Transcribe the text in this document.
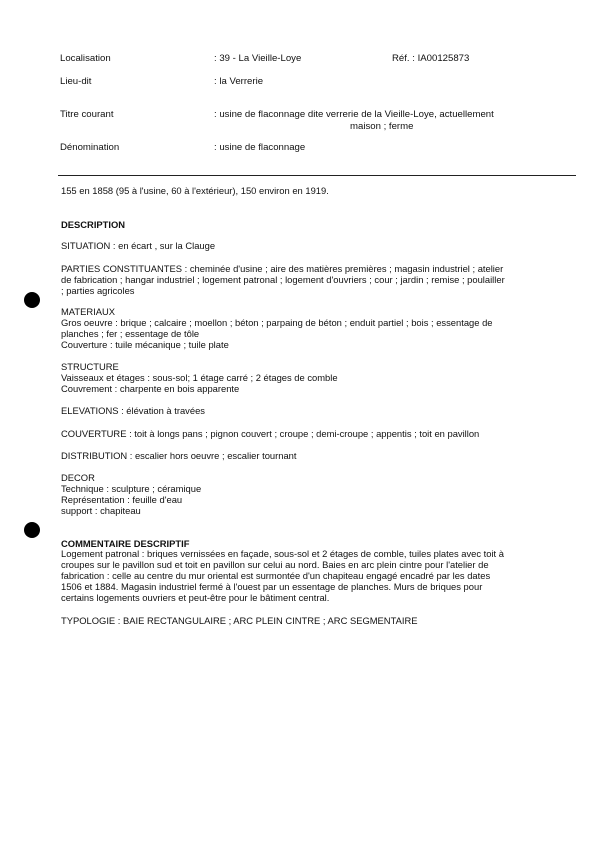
Localisation	: 39 - La Vieille-Loye	Réf. : IA00125873
Lieu-dit	: la Verrerie
Titre courant	: usine de flaconnage dite verrerie de la Vieille-Loye, actuellement
maison ; ferme
Dénomination	: usine de flaconnage
155 en 1858 (95 à l'usine, 60 à l'extérieur), 150 environ en 1919.
DESCRIPTION
SITUATION : en écart , sur la Clauge
PARTIES CONSTITUANTES : cheminée d'usine ; aire des matières premières ; magasin industriel ; atelier
de fabrication ; hangar industriel ; logement patronal ; logement d'ouvriers ; cour ; jardin ; remise ; poulailler
; parties agricoles
MATERIAUX
Gros oeuvre : brique ; calcaire ; moellon ; béton ; parpaing de béton ; enduit partiel ; bois ; essentage de
planches ; fer ; essentage de tôle
Couverture : tuile mécanique ; tuile plate
STRUCTURE
Vaisseaux et étages : sous-sol; 1 étage carré ; 2 étages de comble
Couvrement : charpente en bois apparente
ELEVATIONS : élévation à travées
COUVERTURE : toit à longs pans ; pignon couvert ; croupe ; demi-croupe ; appentis ; toit en pavillon
DISTRIBUTION : escalier hors oeuvre ; escalier tournant
DECOR
Technique : sculpture ; céramique
Représentation : feuille d'eau
support : chapiteau
COMMENTAIRE DESCRIPTIF
Logement patronal : briques vernissées en façade, sous-sol et 2 étages de comble, tuiles plates avec toit à
croupes sur le pavillon sud et toit en pavillon sur celui au nord. Baies en arc plein cintre pour l'atelier de
fabrication : celle au centre du mur oriental est surmontée d'un chapiteau engagé encadré par les dates
1506 et 1884. Magasin industriel fermé à l'ouest par un essentage de planches. Murs de briques pour
certains logements ouvriers et peut-être pour le bâtiment central.
TYPOLOGIE : BAIE RECTANGULAIRE ; ARC PLEIN CINTRE ; ARC SEGMENTAIRE
